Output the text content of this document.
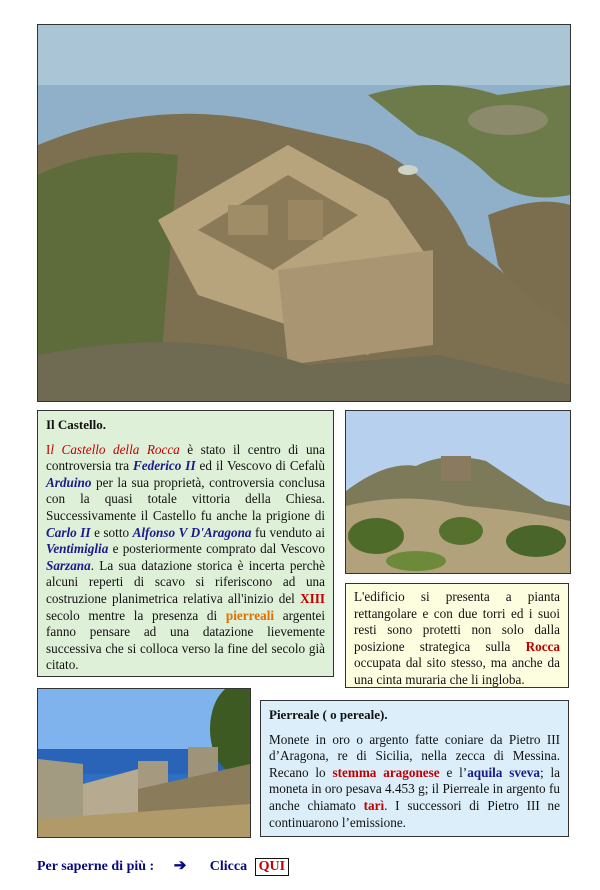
Il Castello.

Il Castello della Rocca è stato il centro di una controversia tra Federico II ed il Vescovo di Cefalù Arduino per la sua proprietà, controversia conclusa con la quasi totale vittoria della Chiesa. Successivamente il Castello fu anche la prigione di Carlo II e sotto Alfonso V D'Aragona fu venduto ai Ventimiglia e posteriormente comprato dal Vescovo Sarzana. La sua datazione storica è incerta perchè alcuni reperti di scavo si riferiscono ad una costruzione planimetrica relativa all'inizio del XIII secolo mentre la presenza di pierreali argentei fanno pensare ad una datazione lievemente successiva che si colloca verso la fine del secolo già citato.

L'edificio si presenta a pianta rettangolare e con due torri ed i suoi resti sono protetti non solo dalla posizione strategica sulla Rocca occupata dal sito stesso, ma anche da una cinta muraria che li ingloba.

Pierreale ( o pereale).

Monete in oro o argento fatte coniare da Pietro III d’Aragona, re di Sicilia, nella zecca di Messina. Recano lo stemma aragonese e l’aquila sveva; la moneta in oro pesava 4.453 g; il Pierreale in argento fu anche chiamato tarì. I successori di Pietro III ne continuarono l’emissione.

Per saperne di più : ➔ Clicca QUI
